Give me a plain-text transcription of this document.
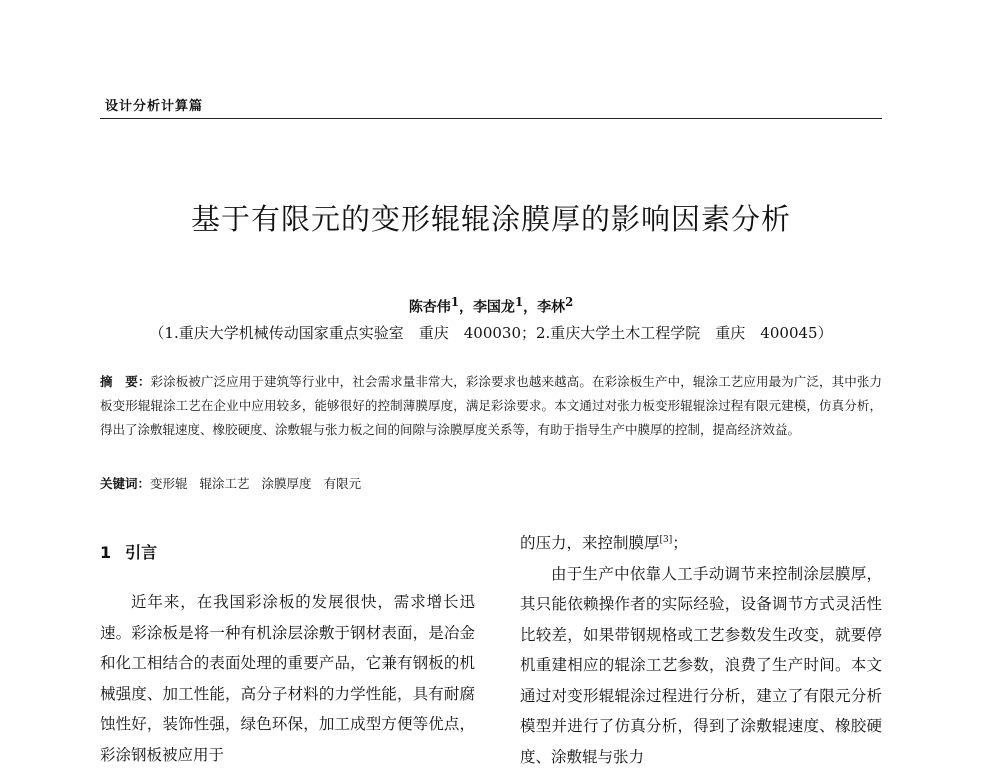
设计分析计算篇
基于有限元的变形辊辊涂膜厚的影响因素分析
陈杏伟$^1$，李国龙$^1$，李林$^2$
（1.重庆大学机械传动国家重点实验室　重庆　400030；2.重庆大学土木工程学院　重庆　400045）
摘　要：彩涂板被广泛应用于建筑等行业中，社会需求量非常大，彩涂要求也越来越高。在彩涂板生产中，辊涂工艺应用最为广泛，其中张力板变形辊辊涂工艺在企业中应用较多，能够很好的控制薄膜厚度，满足彩涂要求。本文通过对张力板变形辊辊涂过程有限元建模，仿真分析，得出了涂敷辊速度、橡胶硬度、涂敷辊与张力板之间的间隙与涂膜厚度关系等，有助于指导生产中膜厚的控制，提高经济效益。
关键词：变形辊 辊涂工艺 涂膜厚度 有限元
1 引言

近年来，在我国彩涂板的发展很快，需求增长迅速。彩涂板是将一种有机涂层涂敷于钢材表面，是冶金和化工相结合的表面处理的重要产品，它兼有钢板的机械强度、加工性能，高分子材料的力学性能，具有耐腐蚀性好，装饰性强，绿色环保，加工成型方便等优点，彩涂钢板被应用于

的压力，来控制膜厚[3]；

由于生产中依靠人工手动调节来控制涂层膜厚，其只能依赖操作者的实际经验，设备调节方式灵活性比较差，如果带钢规格或工艺参数发生改变，就要停机重建相应的辊涂工艺参数，浪费了生产时间。本文通过对变形辊辊涂过程进行分析，建立了有限元分析模型并进行了仿真分析，得到了涂敷辊速度、橡胶硬度、涂敷辊与张力
